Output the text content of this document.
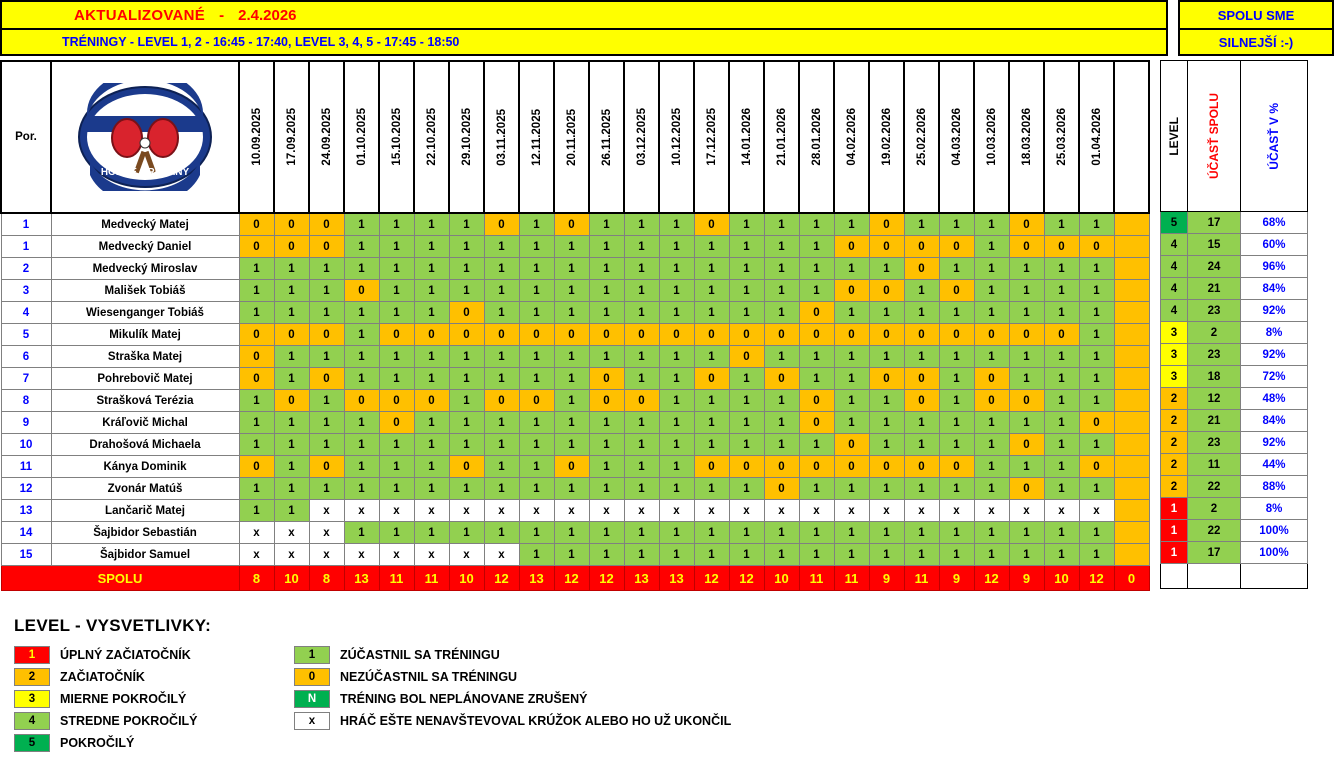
AKTUALIZOVANÉ - 2.4.2026	SPOLU SME
TRÉNINGY - LEVEL 1, 2 - 16:45 - 17:40, LEVEL 3, 4, 5 - 17:45 - 18:50	SILNEJŠÍ :-)
Por.	BETONÁRI
HORNÉ OREŠANY	10.09.2025	17.09.2025	24.09.2025	01.10.2025	15.10.2025	22.10.2025	29.10.2025	03.11.2025	12.11.2025	20.11.2025	26.11.2025	03.12.2025	10.12.2025	17.12.2025	14.01.2026	21.01.2026	28.01.2026	04.02.2026	19.02.2026	25.02.2026	04.03.2026	10.03.2026	18.03.2026	25.03.2026	01.04.2026	

1	Medvecký Matej	0	0	0	1	1	1	1	0	1	0	1	1	1	0	1	1	1	1	0	1	1	1	0	1	1	
1	Medvecký Daniel	0	0	0	1	1	1	1	1	1	1	1	1	1	1	1	1	1	0	0	0	0	1	0	0	0	
2	Medvecký Miroslav	1	1	1	1	1	1	1	1	1	1	1	1	1	1	1	1	1	1	1	0	1	1	1	1	1	
3	Mališek Tobiáš	1	1	1	0	1	1	1	1	1	1	1	1	1	1	1	1	1	0	0	1	0	1	1	1	1	
4	Wiesenganger Tobiáš	1	1	1	1	1	1	0	1	1	1	1	1	1	1	1	1	0	1	1	1	1	1	1	1	1	
5	Mikulík Matej	0	0	0	1	0	0	0	0	0	0	0	0	0	0	0	0	0	0	0	0	0	0	0	0	1	
6	Straška Matej	0	1	1	1	1	1	1	1	1	1	1	1	1	1	0	1	1	1	1	1	1	1	1	1	1	
7	Pohrebovič Matej	0	1	0	1	1	1	1	1	1	1	0	1	1	0	1	0	1	1	0	0	1	0	1	1	1	
8	Strašková Terézia	1	0	1	0	0	0	1	0	0	1	0	0	1	1	1	1	0	1	1	0	1	0	0	1	1	
9	Kráľovič Michal	1	1	1	1	0	1	1	1	1	1	1	1	1	1	1	1	0	1	1	1	1	1	1	1	0	
10	Drahošová Michaela	1	1	1	1	1	1	1	1	1	1	1	1	1	1	1	1	1	0	1	1	1	1	0	1	1	
11	Kánya Dominik	0	1	0	1	1	1	0	1	1	0	1	1	1	0	0	0	0	0	0	0	0	1	1	1	0	
12	Zvonár Matúš	1	1	1	1	1	1	1	1	1	1	1	1	1	1	1	0	1	1	1	1	1	1	0	1	1	
13	Lančarič Matej	1	1	x	x	x	x	x	x	x	x	x	x	x	x	x	x	x	x	x	x	x	x	x	x	x	
14	Šajbidor Sebastián	x	x	x	1	1	1	1	1	1	1	1	1	1	1	1	1	1	1	1	1	1	1	1	1	1	
15	Šajbidor Samuel	x	x	x	x	x	x	x	x	1	1	1	1	1	1	1	1	1	1	1	1	1	1	1	1	1	
SPOLU		8	10	8	13	11	11	10	12	13	12	12	13	13	12	12	10	11	11	9	11	9	12	9	10	12	0
LEVEL	ÚČASŤ SPOLU	ÚČASŤ V %

5	17	68%
4	15	60%
4	24	96%
4	21	84%
4	23	92%
3	2	8%
3	23	92%
3	18	72%
2	12	48%
2	21	84%
2	23	92%
2	11	44%
2	22	88%
1	2	8%
1	22	100%
1	17	100%

LEVEL - VYSVETLIVKY:
1	ÚPLNÝ ZAČIATOČNÍK
2	ZAČIATOČNÍK
3	MIERNE POKROČILÝ
4	STREDNE POKROČILÝ
5	POKROČILÝ
1	ZÚČASTNIL SA TRÉNINGU
0	NEZÚČASTNIL SA TRÉNINGU
N	TRÉNING BOL NEPLÁNOVANE ZRUŠENÝ
x	HRÁČ EŠTE NENAVŠTEVOVAL KRÚŽOK ALEBO HO UŽ UKONČIL
